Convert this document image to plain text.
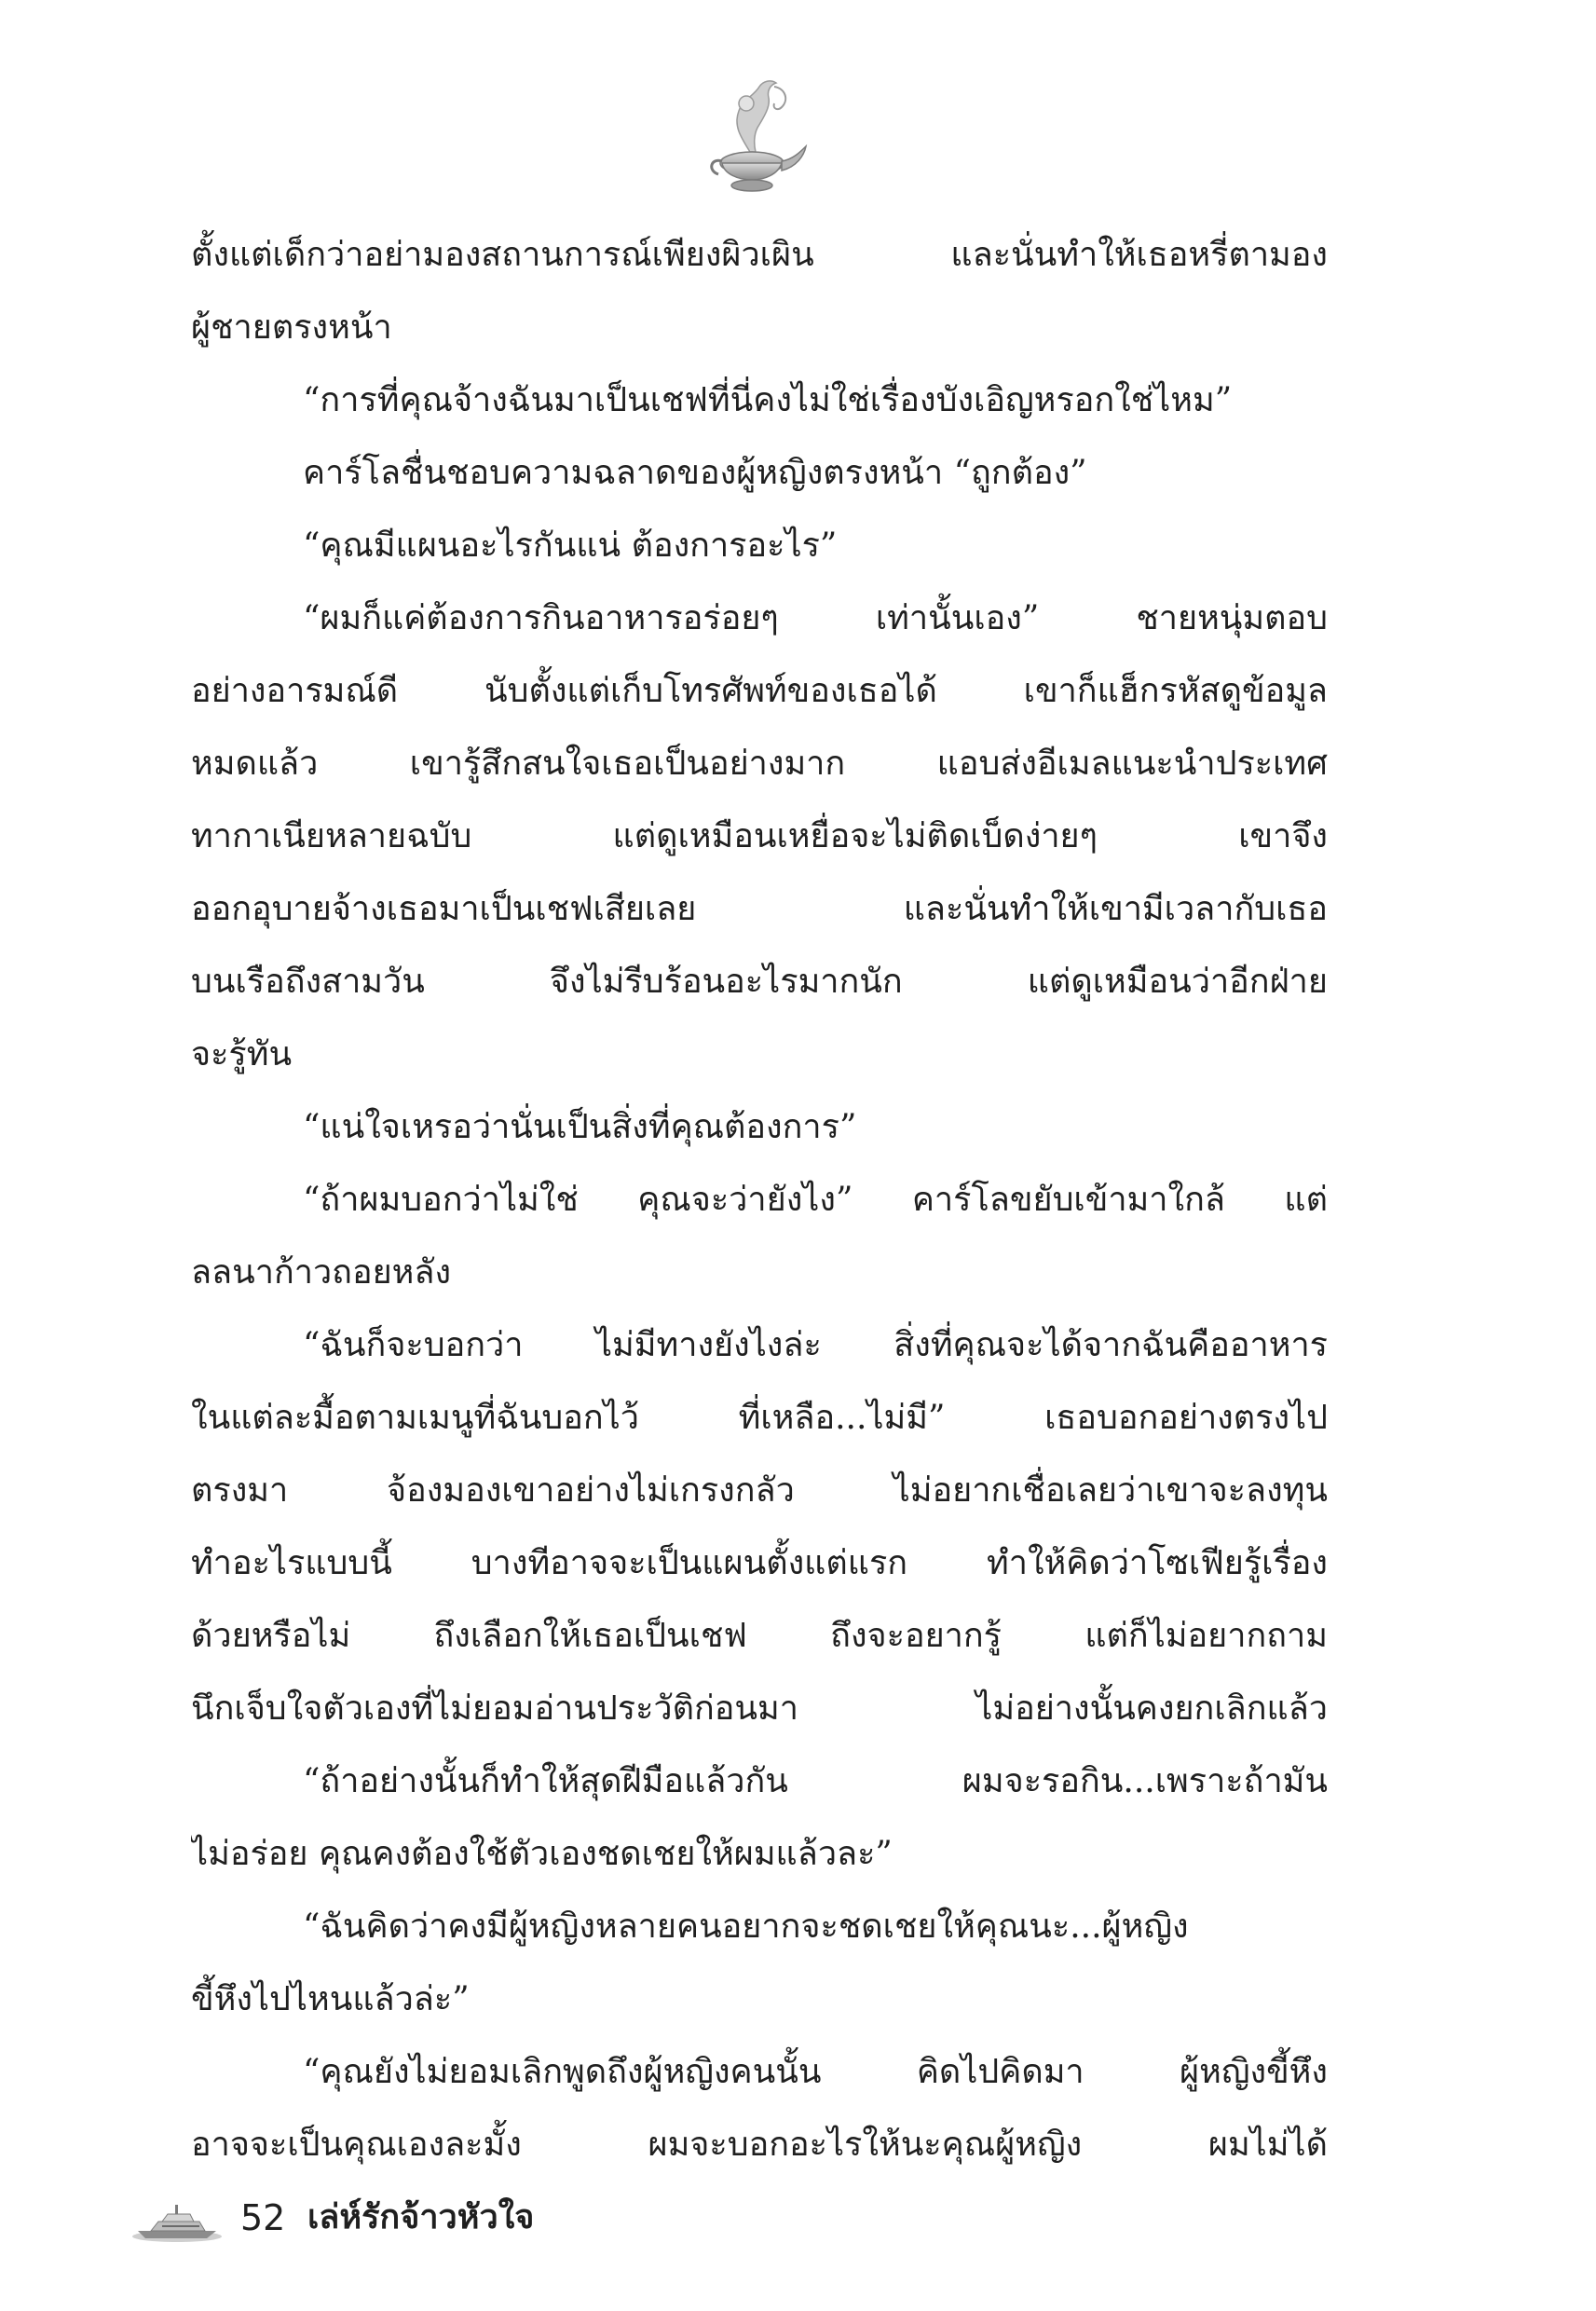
ตั้งแต่เด็กว่าอย่ามองสถานการณ์เพียงผิวเผิน และนั่นทำให้เธอหรี่ตามอง
ผู้ชายตรงหน้า
“การที่คุณจ้างฉันมาเป็นเชฟที่นี่คงไม่ใช่เรื่องบังเอิญหรอกใช่ไหม”
คาร์โลชื่นชอบความฉลาดของผู้หญิงตรงหน้า “ถูกต้อง”
“คุณมีแผนอะไรกันแน่ ต้องการอะไร”
“ผมก็แค่ต้องการกินอาหารอร่อยๆ เท่านั้นเอง” ชายหนุ่มตอบ
อย่างอารมณ์ดี นับตั้งแต่เก็บโทรศัพท์ของเธอได้ เขาก็แฮ็กรหัสดูข้อมูล
หมดแล้ว เขารู้สึกสนใจเธอเป็นอย่างมาก แอบส่งอีเมลแนะนำประเทศ
ทากาเนียหลายฉบับ แต่ดูเหมือนเหยื่อจะไม่ติดเบ็ดง่ายๆ เขาจึง
ออกอุบายจ้างเธอมาเป็นเชฟเสียเลย และนั่นทำให้เขามีเวลากับเธอ
บนเรือถึงสามวัน จึงไม่รีบร้อนอะไรมากนัก แต่ดูเหมือนว่าอีกฝ่าย
จะรู้ทัน
“แน่ใจเหรอว่านั่นเป็นสิ่งที่คุณต้องการ”
“ถ้าผมบอกว่าไม่ใช่ คุณจะว่ายังไง” คาร์โลขยับเข้ามาใกล้ แต่
ลลนาก้าวถอยหลัง
“ฉันก็จะบอกว่า ไม่มีทางยังไงล่ะ สิ่งที่คุณจะได้จากฉันคืออาหาร
ในแต่ละมื้อตามเมนูที่ฉันบอกไว้ ที่เหลือ...ไม่มี” เธอบอกอย่างตรงไป
ตรงมา จ้องมองเขาอย่างไม่เกรงกลัว ไม่อยากเชื่อเลยว่าเขาจะลงทุน
ทำอะไรแบบนี้ บางทีอาจจะเป็นแผนตั้งแต่แรก ทำให้คิดว่าโซเฟียรู้เรื่อง
ด้วยหรือไม่ ถึงเลือกให้เธอเป็นเชฟ ถึงจะอยากรู้ แต่ก็ไม่อยากถาม
นึกเจ็บใจตัวเองที่ไม่ยอมอ่านประวัติก่อนมา ไม่อย่างนั้นคงยกเลิกแล้ว
“ถ้าอย่างนั้นก็ทำให้สุดฝีมือแล้วกัน ผมจะรอกิน...เพราะถ้ามัน
ไม่อร่อย คุณคงต้องใช้ตัวเองชดเชยให้ผมแล้วละ”
“ฉันคิดว่าคงมีผู้หญิงหลายคนอยากจะชดเชยให้คุณนะ...ผู้หญิง
ขี้หึงไปไหนแล้วล่ะ”
“คุณยังไม่ยอมเลิกพูดถึงผู้หญิงคนนั้น คิดไปคิดมา ผู้หญิงขี้หึง
อาจจะเป็นคุณเองละมั้ง ผมจะบอกอะไรให้นะคุณผู้หญิง ผมไม่ได้
52 เล่ห์รักจ้าวหัวใจ
